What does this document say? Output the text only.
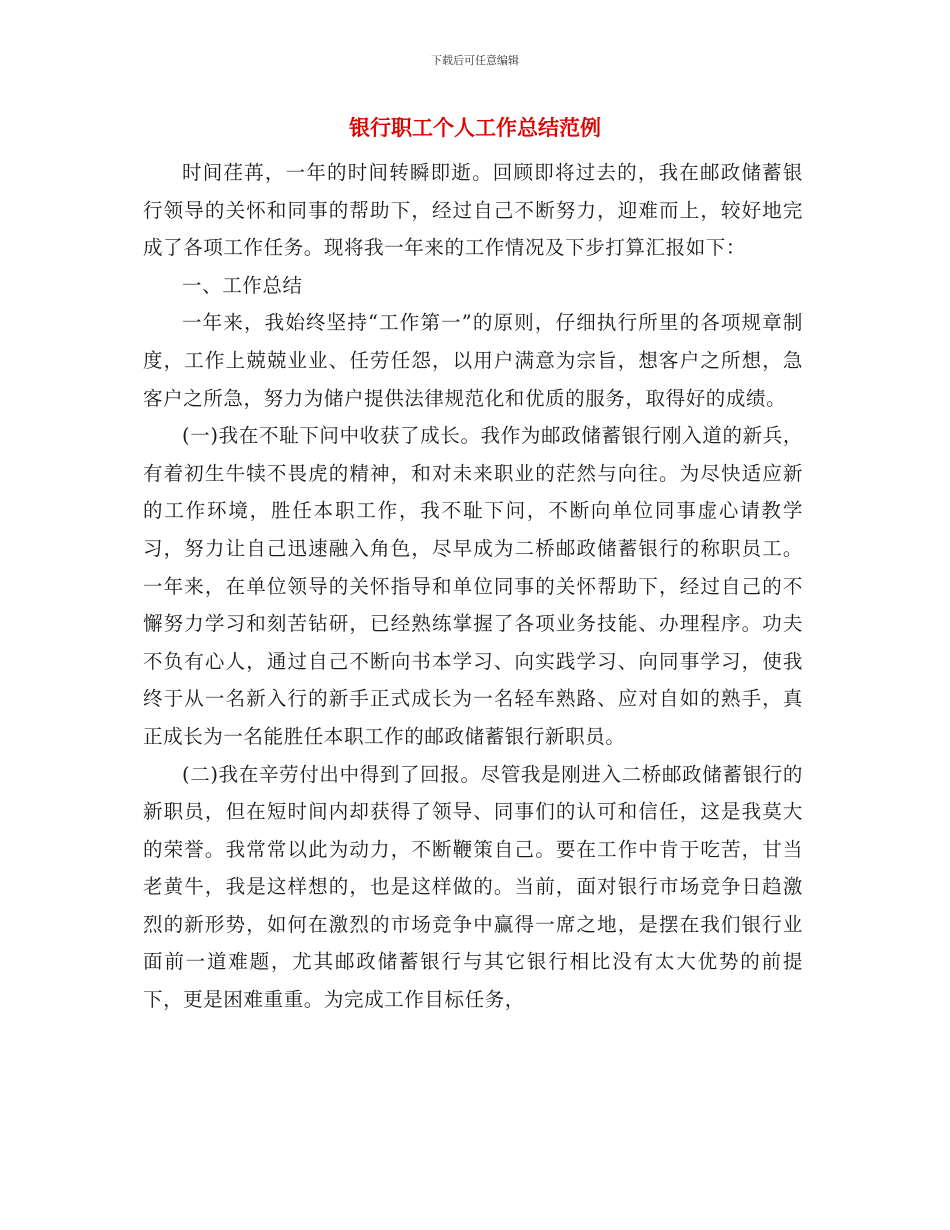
下载后可任意编辑
银行职工个人工作总结范例

时间荏苒，一年的时间转瞬即逝。回顾即将过去的，我在邮政储蓄银行领导的关怀和同事的帮助下，经过自己不断努力，迎难而上，较好地完成了各项工作任务。现将我一年来的工作情况及下步打算汇报如下：

一、工作总结

一年来，我始终坚持“工作第一”的原则，仔细执行所里的各项规章制度，工作上兢兢业业、任劳任怨，以用户满意为宗旨，想客户之所想，急客户之所急，努力为储户提供法律规范化和优质的服务，取得好的成绩。

(一)我在不耻下问中收获了成长。我作为邮政储蓄银行刚入道的新兵，有着初生牛犊不畏虎的精神，和对未来职业的茫然与向往。为尽快适应新的工作环境，胜任本职工作，我不耻下问，不断向单位同事虚心请教学习，努力让自己迅速融入角色，尽早成为二桥邮政储蓄银行的称职员工。一年来，在单位领导的关怀指导和单位同事的关怀帮助下，经过自己的不懈努力学习和刻苦钻研，已经熟练掌握了各项业务技能、办理程序。功夫不负有心人，通过自己不断向书本学习、向实践学习、向同事学习，使我终于从一名新入行的新手正式成长为一名轻车熟路、应对自如的熟手，真正成长为一名能胜任本职工作的邮政储蓄银行新职员。

(二)我在辛劳付出中得到了回报。尽管我是刚进入二桥邮政储蓄银行的新职员，但在短时间内却获得了领导、同事们的认可和信任，这是我莫大的荣誉。我常常以此为动力，不断鞭策自己。要在工作中肯于吃苦，甘当老黄牛，我是这样想的，也是这样做的。当前，面对银行市场竞争日趋激烈的新形势，如何在激烈的市场竞争中赢得一席之地，是摆在我们银行业面前一道难题，尤其邮政储蓄银行与其它银行相比没有太大优势的前提下，更是困难重重。为完成工作目标任务，
